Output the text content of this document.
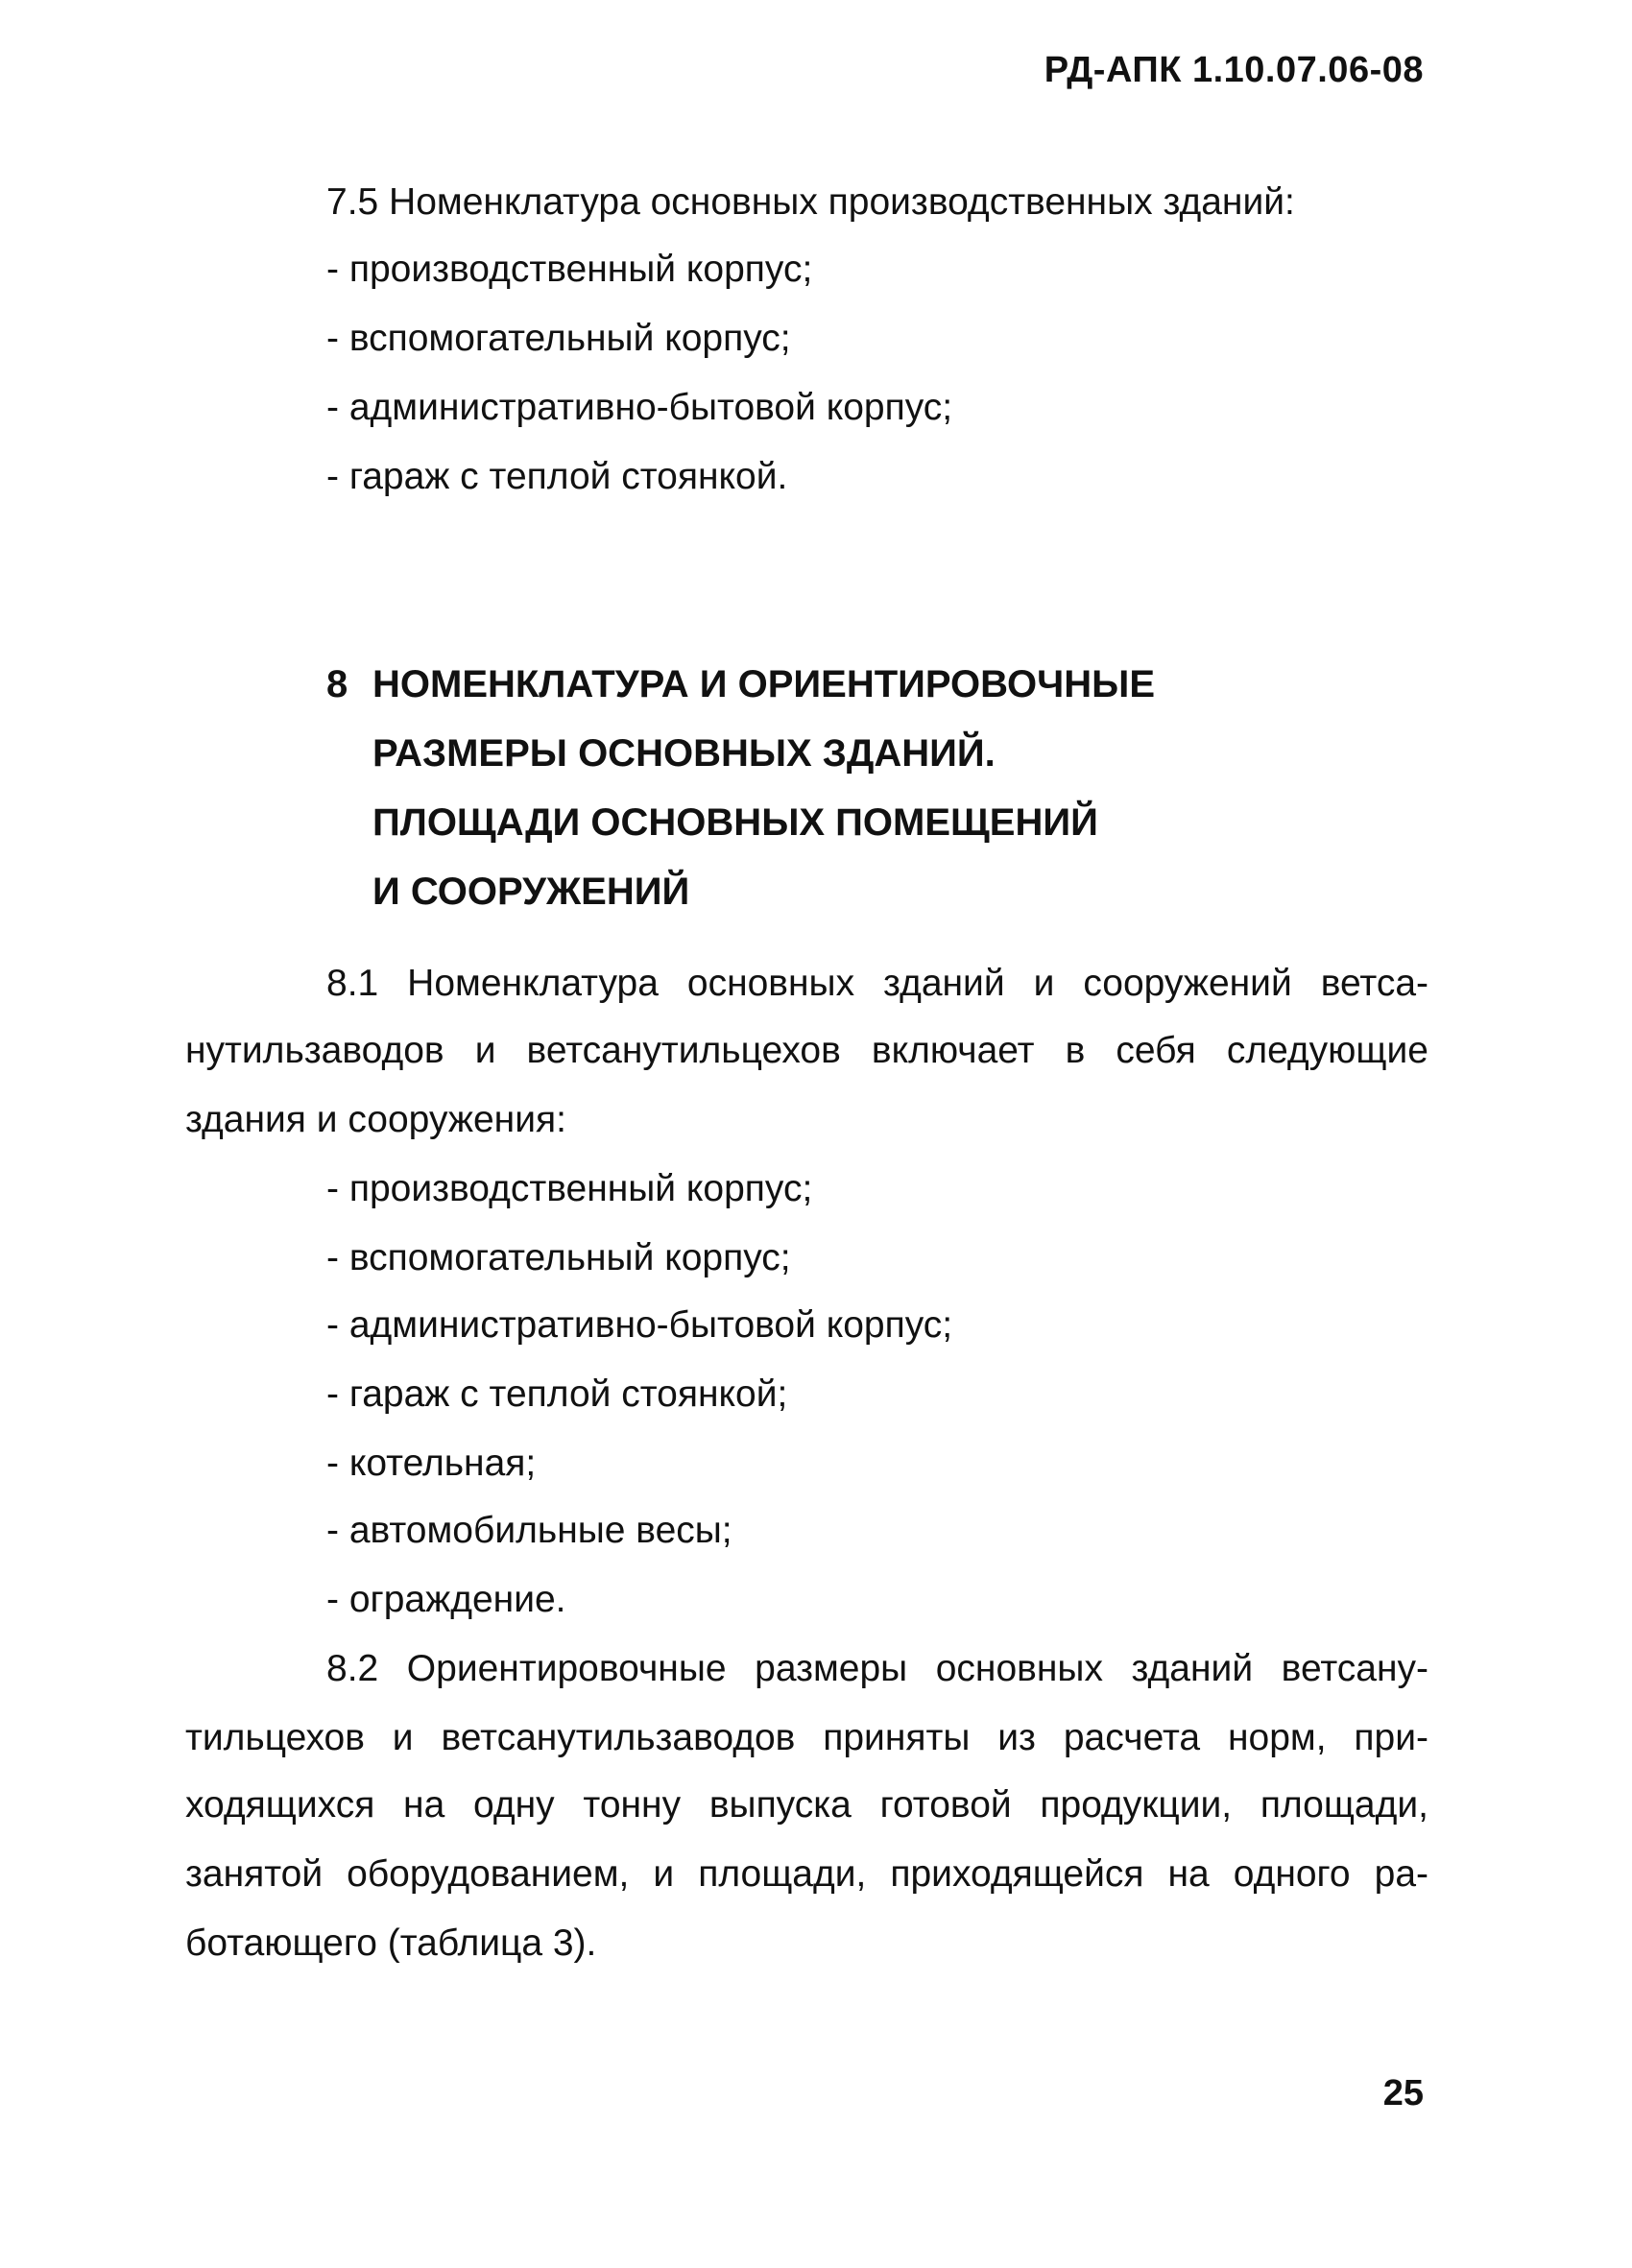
РД-АПК 1.10.07.06-08
7.5 Номенклатура основных производственных зданий:
- производственный корпус;
- вспомогательный корпус;
- административно-бытовой корпус;
- гараж с теплой стоянкой.
8 НОМЕНКЛАТУРА И ОРИЕНТИРОВОЧНЫЕ
РАЗМЕРЫ ОСНОВНЫХ ЗДАНИЙ.
ПЛОЩАДИ ОСНОВНЫХ ПОМЕЩЕНИЙ
И СООРУЖЕНИЙ
8.1 Номенклатура основных зданий и сооружений ветса-
нутильзаводов и ветсанутильцехов включает в себя следующие
здания и сооружения:
- производственный корпус;
- вспомогательный корпус;
- административно-бытовой корпус;
- гараж с теплой стоянкой;
- котельная;
- автомобильные весы;
- ограждение.
8.2 Ориентировочные размеры основных зданий ветсану-
тильцехов и ветсанутильзаводов приняты из расчета норм, при-
ходящихся на одну тонну выпуска готовой продукции, площади,
занятой оборудованием, и площади, приходящейся на одного ра-
ботающего (таблица 3).
25
